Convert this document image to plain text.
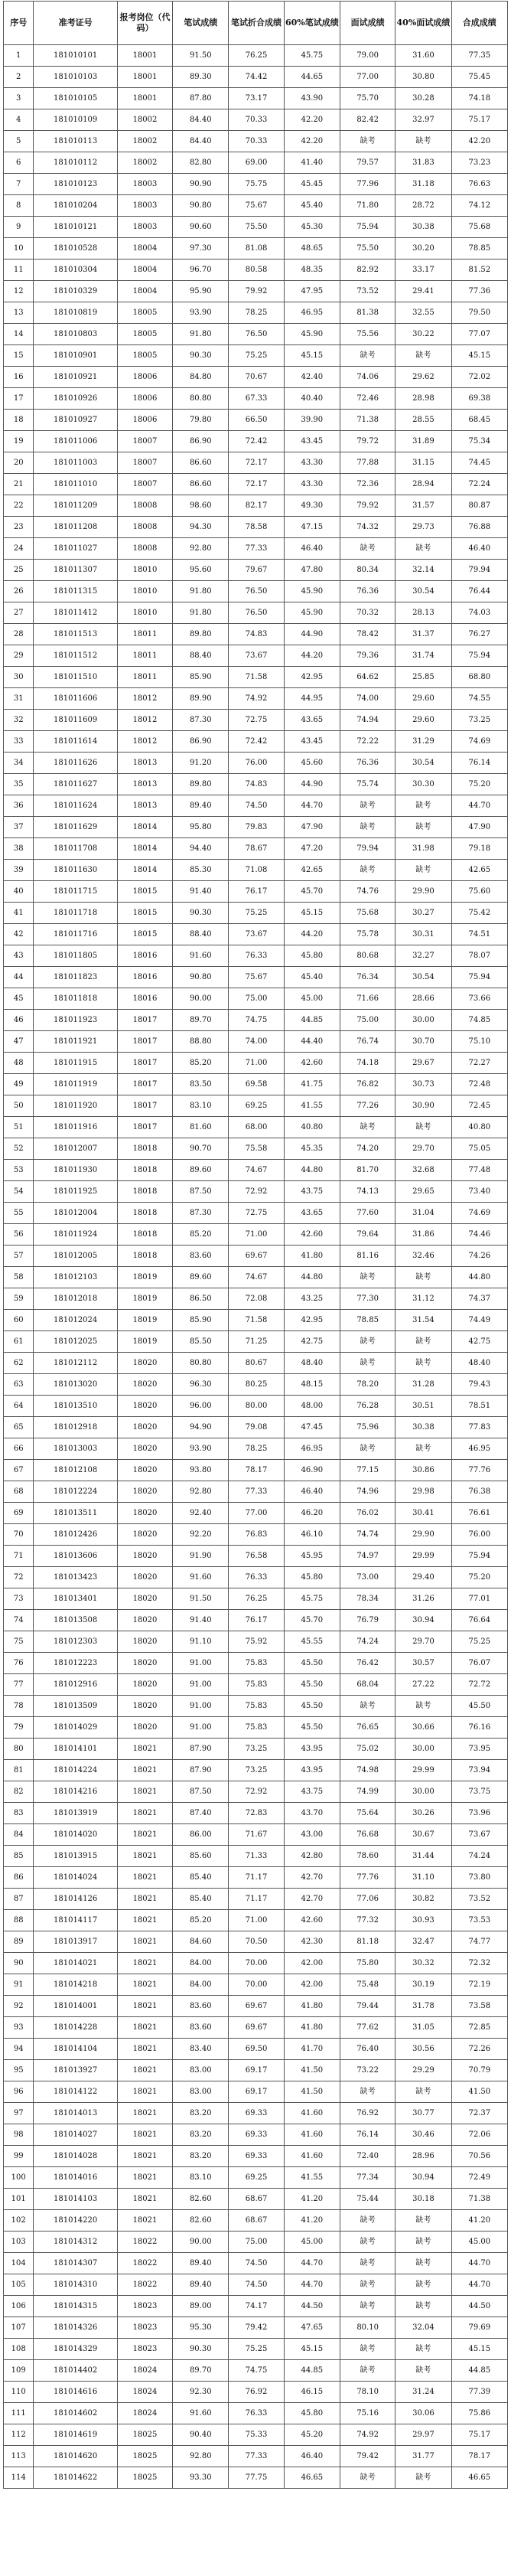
序号	准考证号	报考岗位（代码）	笔试成绩	笔试折合成绩	60%笔试成绩	面试成绩	40%面试成绩	合成成绩
1	181010101	18001	91.50	76.25	45.75	79.00	31.60	77.35
2	181010103	18001	89.30	74.42	44.65	77.00	30.80	75.45
3	181010105	18001	87.80	73.17	43.90	75.70	30.28	74.18
4	181010109	18002	84.40	70.33	42.20	82.42	32.97	75.17
5	181010113	18002	84.40	70.33	42.20	缺考	缺考	42.20
6	181010112	18002	82.80	69.00	41.40	79.57	31.83	73.23
7	181010123	18003	90.90	75.75	45.45	77.96	31.18	76.63
8	181010204	18003	90.80	75.67	45.40	71.80	28.72	74.12
9	181010121	18003	90.60	75.50	45.30	75.94	30.38	75.68
10	181010528	18004	97.30	81.08	48.65	75.50	30.20	78.85
11	181010304	18004	96.70	80.58	48.35	82.92	33.17	81.52
12	181010329	18004	95.90	79.92	47.95	73.52	29.41	77.36
13	181010819	18005	93.90	78.25	46.95	81.38	32.55	79.50
14	181010803	18005	91.80	76.50	45.90	75.56	30.22	77.07
15	181010901	18005	90.30	75.25	45.15	缺考	缺考	45.15
16	181010921	18006	84.80	70.67	42.40	74.06	29.62	72.02
17	181010926	18006	80.80	67.33	40.40	72.46	28.98	69.38
18	181010927	18006	79.80	66.50	39.90	71.38	28.55	68.45
19	181011006	18007	86.90	72.42	43.45	79.72	31.89	75.34
20	181011003	18007	86.60	72.17	43.30	77.88	31.15	74.45
21	181011010	18007	86.60	72.17	43.30	72.36	28.94	72.24
22	181011209	18008	98.60	82.17	49.30	79.92	31.57	80.87
23	181011208	18008	94.30	78.58	47.15	74.32	29.73	76.88
24	181011027	18008	92.80	77.33	46.40	缺考	缺考	46.40
25	181011307	18010	95.60	79.67	47.80	80.34	32.14	79.94
26	181011315	18010	91.80	76.50	45.90	76.36	30.54	76.44
27	181011412	18010	91.80	76.50	45.90	70.32	28.13	74.03
28	181011513	18011	89.80	74.83	44.90	78.42	31.37	76.27
29	181011512	18011	88.40	73.67	44.20	79.36	31.74	75.94
30	181011510	18011	85.90	71.58	42.95	64.62	25.85	68.80
31	181011606	18012	89.90	74.92	44.95	74.00	29.60	74.55
32	181011609	18012	87.30	72.75	43.65	74.94	29.60	73.25
33	181011614	18012	86.90	72.42	43.45	72.22	31.29	74.69
34	181011626	18013	91.20	76.00	45.60	76.36	30.54	76.14
35	181011627	18013	89.80	74.83	44.90	75.74	30.30	75.20
36	181011624	18013	89.40	74.50	44.70	缺考	缺考	44.70
37	181011629	18014	95.80	79.83	47.90	缺考	缺考	47.90
38	181011708	18014	94.40	78.67	47.20	79.94	31.98	79.18
39	181011630	18014	85.30	71.08	42.65	缺考	缺考	42.65
40	181011715	18015	91.40	76.17	45.70	74.76	29.90	75.60
41	181011718	18015	90.30	75.25	45.15	75.68	30.27	75.42
42	181011716	18015	88.40	73.67	44.20	75.78	30.31	74.51
43	181011805	18016	91.60	76.33	45.80	80.68	32.27	78.07
44	181011823	18016	90.80	75.67	45.40	76.34	30.54	75.94
45	181011818	18016	90.00	75.00	45.00	71.66	28.66	73.66
46	181011923	18017	89.70	74.75	44.85	75.00	30.00	74.85
47	181011921	18017	88.80	74.00	44.40	76.74	30.70	75.10
48	181011915	18017	85.20	71.00	42.60	74.18	29.67	72.27
49	181011919	18017	83.50	69.58	41.75	76.82	30.73	72.48
50	181011920	18017	83.10	69.25	41.55	77.26	30.90	72.45
51	181011916	18017	81.60	68.00	40.80	缺考	缺考	40.80
52	181012007	18018	90.70	75.58	45.35	74.20	29.70	75.05
53	181011930	18018	89.60	74.67	44.80	81.70	32.68	77.48
54	181011925	18018	87.50	72.92	43.75	74.13	29.65	73.40
55	181012004	18018	87.30	72.75	43.65	77.60	31.04	74.69
56	181011924	18018	85.20	71.00	42.60	79.64	31.86	74.46
57	181012005	18018	83.60	69.67	41.80	81.16	32.46	74.26
58	181012103	18019	89.60	74.67	44.80	缺考	缺考	44.80
59	181012018	18019	86.50	72.08	43.25	77.30	31.12	74.37
60	181012024	18019	85.90	71.58	42.95	78.85	31.54	74.49
61	181012025	18019	85.50	71.25	42.75	缺考	缺考	42.75
62	181012112	18020	80.80	80.67	48.40	缺考	缺考	48.40
63	181013020	18020	96.30	80.25	48.15	78.20	31.28	79.43
64	181013510	18020	96.00	80.00	48.00	76.28	30.51	78.51
65	181012918	18020	94.90	79.08	47.45	75.96	30.38	77.83
66	181013003	18020	93.90	78.25	46.95	缺考	缺考	46.95
67	181012108	18020	93.80	78.17	46.90	77.15	30.86	77.76
68	181012224	18020	92.80	77.33	46.40	74.96	29.98	76.38
69	181013511	18020	92.40	77.00	46.20	76.02	30.41	76.61
70	181012426	18020	92.20	76.83	46.10	74.74	29.90	76.00
71	181013606	18020	91.90	76.58	45.95	74.97	29.99	75.94
72	181013423	18020	91.60	76.33	45.80	73.00	29.40	75.20
73	181013401	18020	91.50	76.25	45.75	78.34	31.26	77.01
74	181013508	18020	91.40	76.17	45.70	76.79	30.94	76.64
75	181012303	18020	91.10	75.92	45.55	74.24	29.70	75.25
76	181012223	18020	91.00	75.83	45.50	76.42	30.57	76.07
77	181012916	18020	91.00	75.83	45.50	68.04	27.22	72.72
78	181013509	18020	91.00	75.83	45.50	缺考	缺考	45.50
79	181014029	18020	91.00	75.83	45.50	76.65	30.66	76.16
80	181014101	18021	87.90	73.25	43.95	75.02	30.00	73.95
81	181014224	18021	87.90	73.25	43.95	74.98	29.99	73.94
82	181014216	18021	87.50	72.92	43.75	74.99	30.00	73.75
83	181013919	18021	87.40	72.83	43.70	75.64	30.26	73.96
84	181014020	18021	86.00	71.67	43.00	76.68	30.67	73.67
85	181013915	18021	85.60	71.33	42.80	78.60	31.44	74.24
86	181014024	18021	85.40	71.17	42.70	77.76	31.10	73.80
87	181014126	18021	85.40	71.17	42.70	77.06	30.82	73.52
88	181014117	18021	85.20	71.00	42.60	77.32	30.93	73.53
89	181013917	18021	84.60	70.50	42.30	81.18	32.47	74.77
90	181014021	18021	84.00	70.00	42.00	75.80	30.32	72.32
91	181014218	18021	84.00	70.00	42.00	75.48	30.19	72.19
92	181014001	18021	83.60	69.67	41.80	79.44	31.78	73.58
93	181014228	18021	83.60	69.67	41.80	77.62	31.05	72.85
94	181014104	18021	83.40	69.50	41.70	76.40	30.56	72.26
95	181013927	18021	83.00	69.17	41.50	73.22	29.29	70.79
96	181014122	18021	83.00	69.17	41.50	缺考	缺考	41.50
97	181014013	18021	83.20	69.33	41.60	76.92	30.77	72.37
98	181014027	18021	83.20	69.33	41.60	76.14	30.46	72.06
99	181014028	18021	83.20	69.33	41.60	72.40	28.96	70.56
100	181014016	18021	83.10	69.25	41.55	77.34	30.94	72.49
101	181014103	18021	82.60	68.67	41.20	75.44	30.18	71.38
102	181014220	18021	82.60	68.67	41.20	缺考	缺考	41.20
103	181014312	18022	90.00	75.00	45.00	缺考	缺考	45.00
104	181014307	18022	89.40	74.50	44.70	缺考	缺考	44.70
105	181014310	18022	89.40	74.50	44.70	缺考	缺考	44.70
106	181014315	18023	89.00	74.17	44.50	缺考	缺考	44.50
107	181014326	18023	95.30	79.42	47.65	80.10	32.04	79.69
108	181014329	18023	90.30	75.25	45.15	缺考	缺考	45.15
109	181014402	18024	89.70	74.75	44.85	缺考	缺考	44.85
110	181014616	18024	92.30	76.92	46.15	78.10	31.24	77.39
111	181014602	18024	91.60	76.33	45.80	75.16	30.06	75.86
112	181014619	18025	90.40	75.33	45.20	74.92	29.97	75.17
113	181014620	18025	92.80	77.33	46.40	79.42	31.77	78.17
114	181014622	18025	93.30	77.75	46.65	缺考	缺考	46.65
